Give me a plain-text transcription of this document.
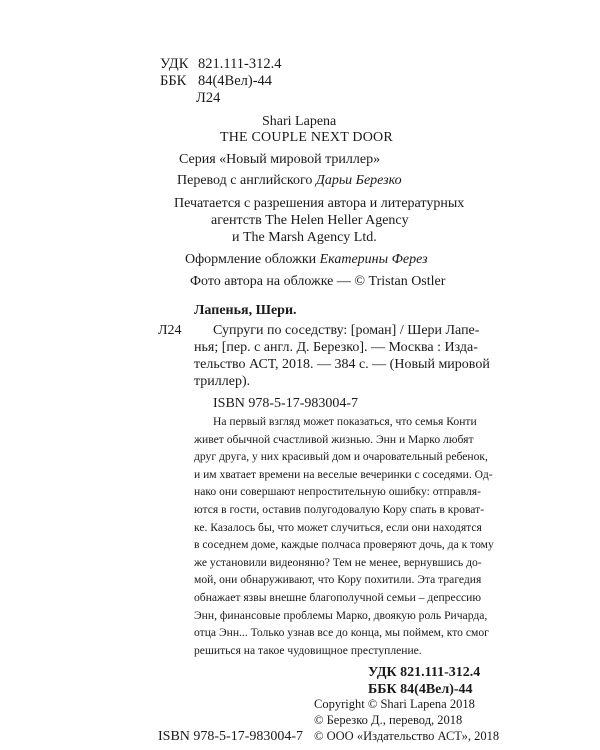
УДК 821.111-312.4
ББК 84(4Вел)-44
Л24
Shari Lapena
THE COUPLE NEXT DOOR
Серия «Новый мировой триллер»
Перевод с английского Дарьи Березко
Печатается с разрешения автора и литературных
агентств The Helen Heller Agency
и The Marsh Agency Ltd.
Оформление обложки Екатерины Ферез
Фото автора на обложке — © Tristan Ostler
Лапенья, Шери.
Л24 Супруги по соседству: [роман] / Шери Лапе-
нья; [пер. с англ. Д. Березко]. — Москва : Изда-
тельство АСТ, 2018. — 384 с. — (Новый мировой
триллер).
ISBN 978-5-17-983004-7
На первый взгляд может показаться, что семья Конти
живет обычной счастливой жизнью. Энн и Марко любят
друг друга, у них красивый дом и очаровательный ребенок,
и им хватает времени на веселые вечеринки с соседями. Од-
нако они совершают непростительную ошибку: отправля-
ются в гости, оставив полугодовалую Кору спать в кроват-
ке. Казалось бы, что может случиться, если они находятся
в соседнем доме, каждые полчаса проверяют дочь, да к тому
же установили видеоняню? Тем не менее, вернувшись до-
мой, они обнаруживают, что Кору похитили. Эта трагедия
обнажает язвы внешне благополучной семьи – депрессию
Энн, финансовые проблемы Марко, двоякую роль Ричарда,
отца Энн... Только узнав все до конца, мы поймем, кто смог
решиться на такое чудовищное преступление.
УДК 821.111-312.4
ББК 84(4Вел)-44
Copyright © Shari Lapena 2018
© Березко Д., перевод, 2018
© ООО «Издательство АСТ», 2018
ISBN 978-5-17-983004-7
